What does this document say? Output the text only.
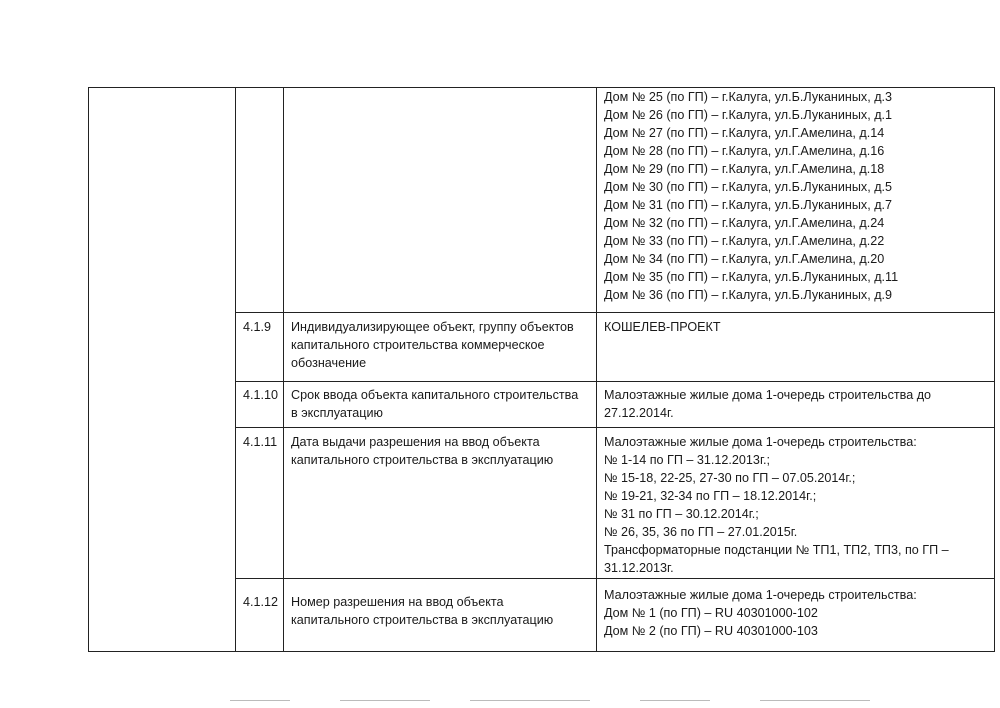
Дом № 25 (по ГП) – г.Калуга, ул.Б.Луканиных, д.3
Дом № 26 (по ГП) – г.Калуга, ул.Б.Луканиных, д.1
Дом № 27 (по ГП) – г.Калуга, ул.Г.Амелина, д.14
Дом № 28 (по ГП) – г.Калуга, ул.Г.Амелина, д.16
Дом № 29 (по ГП) – г.Калуга, ул.Г.Амелина, д.18
Дом № 30 (по ГП) – г.Калуга, ул.Б.Луканиных, д.5
Дом № 31 (по ГП) – г.Калуга, ул.Б.Луканиных, д.7
Дом № 32 (по ГП) – г.Калуга, ул.Г.Амелина, д.24
Дом № 33 (по ГП) – г.Калуга, ул.Г.Амелина, д.22
Дом № 34 (по ГП) – г.Калуга, ул.Г.Амелина, д.20
Дом № 35 (по ГП) – г.Калуга, ул.Б.Луканиных, д.11
Дом № 36 (по ГП) – г.Калуга, ул.Б.Луканиных, д.9
4.1.9 Индивидуализирующее объект, группу объектов
капитального строительства коммерческое
обозначение
КОШЕЛЕВ-ПРОЕКТ
4.1.10 Срок ввода объекта капитального строительства
в эксплуатацию
Малоэтажные жилые дома 1-очередь строительства до
27.12.2014г.
4.1.11 Дата выдачи разрешения на ввод объекта
капитального строительства в эксплуатацию
Малоэтажные жилые дома 1-очередь строительства:
№ 1-14 по ГП – 31.12.2013г.;
№ 15-18, 22-25, 27-30 по ГП – 07.05.2014г.;
№ 19-21, 32-34 по ГП – 18.12.2014г.;
№ 31 по ГП – 30.12.2014г.;
№ 26, 35, 36 по ГП – 27.01.2015г.
Трансформаторные подстанции № ТП1, ТП2, ТП3, по ГП –
31.12.2013г.
4.1.12 Номер разрешения на ввод объекта
капитального строительства в эксплуатацию
Малоэтажные жилые дома 1-очередь строительства:
Дом № 1 (по ГП) – RU 40301000-102
Дом № 2 (по ГП) – RU 40301000-103
